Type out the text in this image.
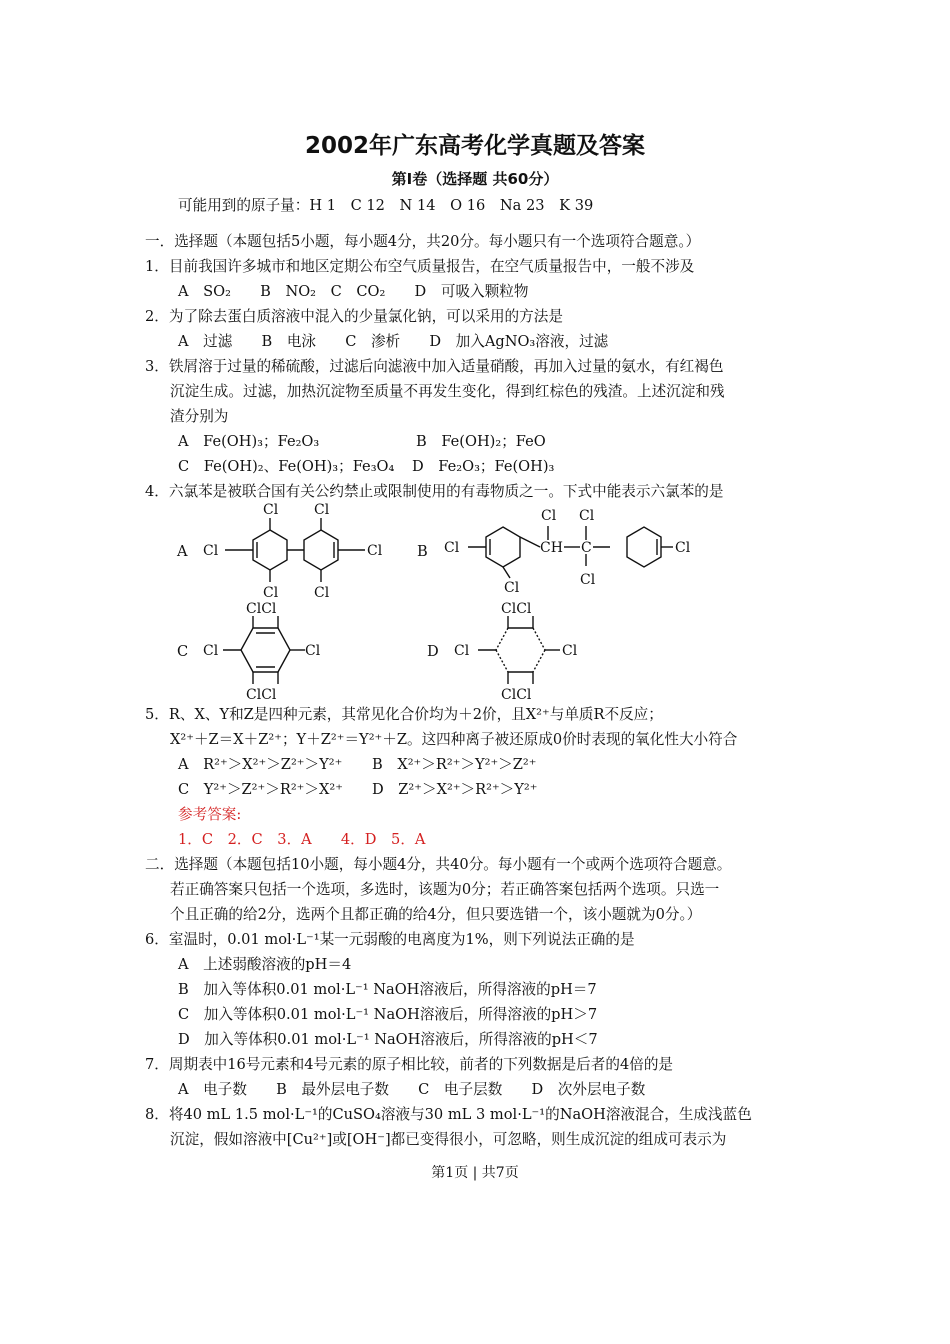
2002年广东高考化学真题及答案
第Ⅰ卷（选择题 共60分）
可能用到的原子量：H 1　C 12　N 14　O 16　Na 23　K 39
一．选择题（本题包括5小题，每小题4分，共20分。每小题只有一个选项符合题意。）
1．目前我国许多城市和地区定期公布空气质量报告，在空气质量报告中，一般不涉及
A　SO₂　　B　NO₂　C　CO₂　　D　可吸入颗粒物
2．为了除去蛋白质溶液中混入的少量氯化钠，可以采用的方法是
A　过滤　　B　电泳　　C　渗析　　D　加入AgNO₃溶液，过滤
3．铁屑溶于过量的稀硫酸，过滤后向滤液中加入适量硝酸，再加入过量的氨水，有红褐色
沉淀生成。过滤，加热沉淀物至质量不再发生变化，得到红棕色的残渣。上述沉淀和残
渣分别为
A　Fe(OH)₃；Fe₂O₃	B　Fe(OH)₂；FeO
C　Fe(OH)₂、Fe(OH)₃；Fe₃O₄ D　Fe₂O₃；Fe(OH)₃
4．六氯苯是被联合国有关公约禁止或限制使用的有毒物质之一。下式中能表示六氯苯的是
A	B
C	D
Cl
Cl
Cl
Cl
Cl
Cl	Cl
Cl
CH
Cl
C
Cl
Cl
Cl
ClCl
ClCl
Cl	Cl
ClCl
ClCl
Cl	Cl
5．R、X、Y和Z是四种元素，其常见化合价均为＋2价，且X²⁺与单质R不反应；
X²⁺＋Z＝X＋Z²⁺；Y＋Z²⁺＝Y²⁺＋Z。这四种离子被还原成0价时表现的氧化性大小符合
A　R²⁺＞X²⁺＞Z²⁺＞Y²⁺ B　X²⁺＞R²⁺＞Y²⁺＞Z²⁺
C　Y²⁺＞Z²⁺＞R²⁺＞X²⁺ D　Z²⁺＞X²⁺＞R²⁺＞Y²⁺
参考答案:
1．C　2．C　3．A　　4．D　5．A
二．选择题（本题包括10小题，每小题4分，共40分。每小题有一个或两个选项符合题意。
若正确答案只包括一个选项，多选时，该题为0分；若正确答案包括两个选项。只选一
个且正确的给2分，选两个且都正确的给4分，但只要选错一个，该小题就为0分。）
6．室温时，0.01 mol·L⁻¹某一元弱酸的电离度为1%，则下列说法正确的是
A　上述弱酸溶液的pH＝4
B　加入等体积0.01 mol·L⁻¹ NaOH溶液后，所得溶液的pH＝7
C　加入等体积0.01 mol·L⁻¹ NaOH溶液后，所得溶液的pH＞7
D　加入等体积0.01 mol·L⁻¹ NaOH溶液后，所得溶液的pH＜7
7．周期表中16号元素和4号元素的原子相比较，前者的下列数据是后者的4倍的是
A　电子数　　B　最外层电子数　　C　电子层数　　D　次外层电子数
8．将40 mL 1.5 mol·L⁻¹的CuSO₄溶液与30 mL 3 mol·L⁻¹的NaOH溶液混合，生成浅蓝色
沉淀，假如溶液中[Cu²⁺]或[OH⁻]都已变得很小，可忽略，则生成沉淀的组成可表示为
第1页 | 共7页
